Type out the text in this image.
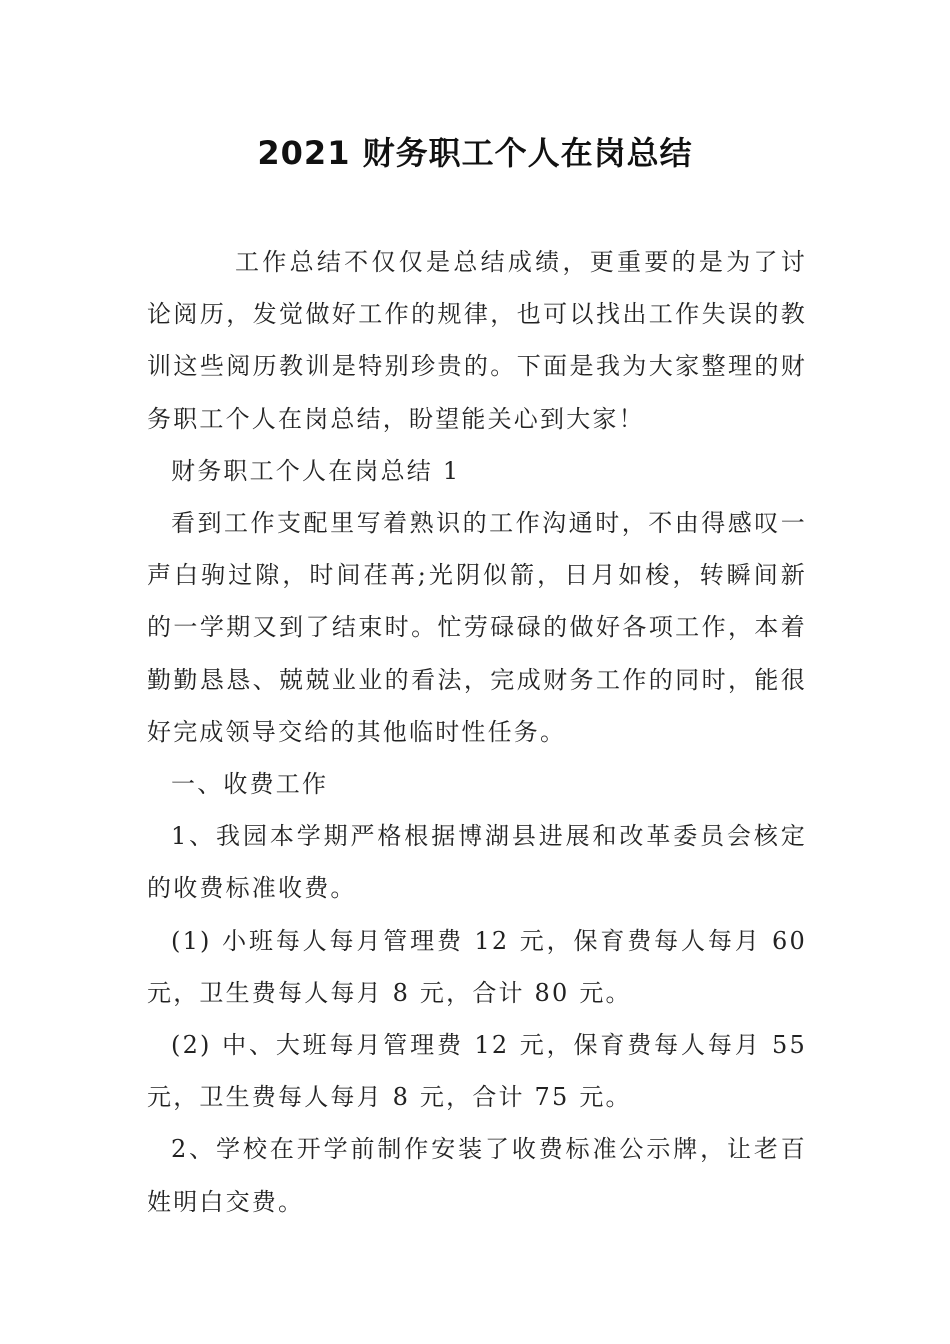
2021 财务职工个人在岗总结

工作总结不仅仅是总结成绩，更重要的是为了讨论阅历，发觉做好工作的规律，也可以找出工作失误的教训这些阅历教训是特别珍贵的。下面是我为大家整理的财务职工个人在岗总结，盼望能关心到大家！

财务职工个人在岗总结 1

看到工作支配里写着熟识的工作沟通时，不由得感叹一声白驹过隙，时间荏苒;光阴似箭，日月如梭，转瞬间新的一学期又到了结束时。忙劳碌碌的做好各项工作，本着勤勤恳恳、兢兢业业的看法，完成财务工作的同时，能很好完成领导交给的其他临时性任务。

一、收费工作

1、我园本学期严格根据博湖县进展和改革委员会核定的收费标准收费。

(1) 小班每人每月管理费 12 元，保育费每人每月 60 元，卫生费每人每月 8 元，合计 80 元。

(2) 中、大班每月管理费 12 元，保育费每人每月 55 元，卫生费每人每月 8 元，合计 75 元。

2、学校在开学前制作安装了收费标准公示牌，让老百姓明白交费。
